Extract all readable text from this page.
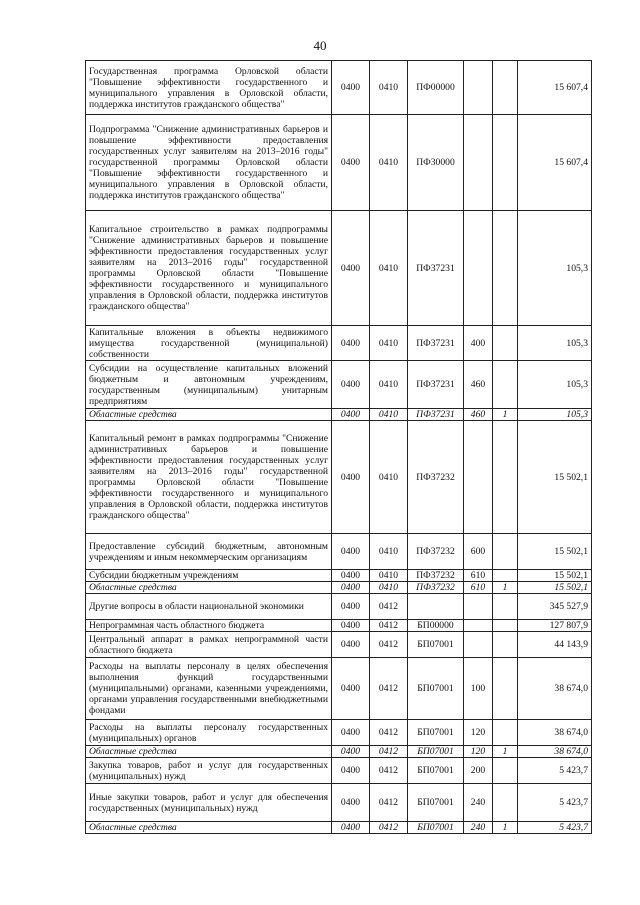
40
Государственная программа Орловской области "Повышение эффективности государственного и муниципального управления в Орловской области, поддержка институтов гражданского общества"	0400	0410	ПФ00000			15 607,4
Подпрограмма "Снижение административных барьеров и повышение эффективности предоставления государственных услуг заявителям на 2013–2016 годы" государственной программы Орловской области "Повышение эффективности государственного и муниципального управления в Орловской области, поддержка институтов гражданского общества"	0400	0410	ПФ30000			15 607,4
Капитальное строительство в рамках подпрограммы "Снижение административных барьеров и повышение эффективности предоставления государственных услуг заявителям на 2013–2016 годы" государственной программы Орловской области "Повышение эффективности государственного и муниципального управления в Орловской области, поддержка институтов гражданского общества"	0400	0410	ПФ37231			105,3
Капитальные вложения в объекты недвижимого имущества государственной (муниципальной) собственности	0400	0410	ПФ37231	400		105,3
Субсидии на осуществление капитальных вложений бюджетным и автономным учреждениям, государственным (муниципальным) унитарным предприятиям	0400	0410	ПФ37231	460		105,3
Областные средства	0400	0410	ПФ37231	460	1	105,3
Капитальный ремонт в рамках подпрограммы "Снижение административных барьеров и повышение эффективности предоставления государственных услуг заявителям на 2013–2016 годы" государственной программы Орловской области "Повышение эффективности государственного и муниципального управления в Орловской области, поддержка институтов гражданского общества"	0400	0410	ПФ37232			15 502,1
Предоставление субсидий бюджетным, автономным учреждениям и иным некоммерческим организациям	0400	0410	ПФ37232	600		15 502,1
Субсидии бюджетным учреждениям	0400	0410	ПФ37232	610		15 502,1
Областные средства	0400	0410	ПФ37232	610	1	15 502,1
Другие вопросы в области национальной экономики	0400	0412				345 527,9
Непрограммная часть областного бюджета	0400	0412	БП00000			127 807,9
Центральный аппарат в рамках непрограммной части областного бюджета	0400	0412	БП07001			44 143,9
Расходы на выплаты персоналу в целях обеспечения выполнения функций государственными (муниципальными) органами, казенными учреждениями, органами управления государственными внебюджетными фондами	0400	0412	БП07001	100		38 674,0
Расходы на выплаты персоналу государственных (муниципальных) органов	0400	0412	БП07001	120		38 674,0
Областные средства	0400	0412	БП07001	120	1	38 674,0
Закупка товаров, работ и услуг для государственных (муниципальных) нужд	0400	0412	БП07001	200		5 423,7
Иные закупки товаров, работ и услуг для обеспечения государственных (муниципальных) нужд	0400	0412	БП07001	240		5 423,7
Областные средства	0400	0412	БП07001	240	1	5 423,7
